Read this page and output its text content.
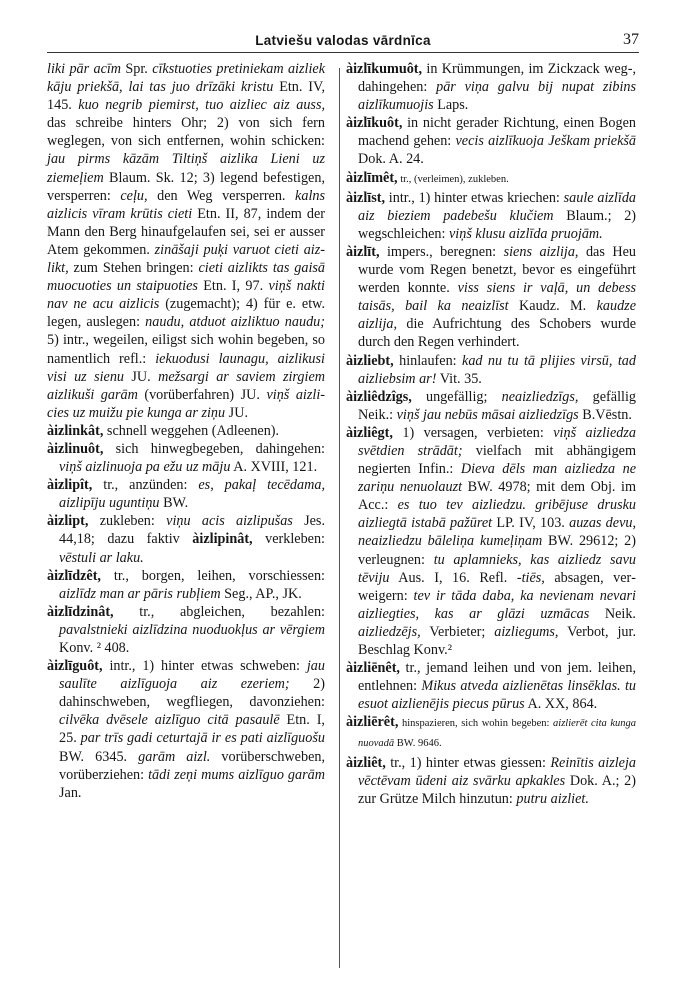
Latviešu valodas vārdnīca	37

liki pār acīm Spr. cīkstuoties pretiniekam aizliek kāju priekšā, lai tas juo drīzāki kristu Etn. IV, 145. kuo negrib piemirst, tuo aizliec aiz auss, das schreibe hinters Ohr; 2) von sich fern weglegen, von sich entfernen, wohin schicken: jau pirms kāzām Tiltiņš aizlika Lieni uz ziemeļiem Blaum. Sk. 12; 3) legend befestigen, versperren: ceļu, den Weg versperren. kalns aizlicis vīram krūtis cieti Etn. II, 87, indem der Mann den Berg hinaufgelaufen sei, sei er ausser Atem gekommen. zināšaji puķi varuot cieti aizlikt, zum Stehen bringen: cieti aizlikts tas gaisā muocuoties un staipuoties Etn. I, 97. viņš nakti nav ne acu aizlicis (zugemacht); 4) für e. etw. legen, auslegen: naudu, atduot aizliktuo naudu; 5) intr., wegeilen, eiligst sich wohin begeben, so namentlich refl.: iekuodusi launagu, aizlikusi visi uz sienu JU. mežsargi ar saviem zirgiem aizlikuši garām (vorüberfahren) JU. viņš aizlicies uz muižu pie kunga ar ziņu JU.

àizlinkât, schnell weggehen (Adleenen).

àizlinuôt, sich hinwegbegeben, dahingehen: viņš aizlinuoja pa ežu uz māju A. XVIII, 121.

àizlipît, tr., anzünden: es, pakaļ tecēdama, aizlipīju uguntiņu BW.

àizlipt, zukleben: viņu acis aizlipušas Jes. 44,18; dazu faktiv àizlipinât, verkleben: vēstuli ar laku.

àizlīdzêt, tr., borgen, leihen, vorschiessen: aizlīdz man ar pāris rubļiem Seg., AP., JK.

àizlīdzinât, tr., abgleichen, bezahlen: pavalstnieki aizlīdzina nuoduokļus ar vērgiem Konv. ² 408.

àizlīguôt, intr., 1) hinter etwas schweben: jau saulīte aizlīguoja aiz ezeriem; 2) dahinschweben, wegfliegen, davonziehen: cilvēka dvēsele aizlīguo citā pasaulē Etn. I, 25. par trīs gadi ceturtajā ir es pati aizlīguošu BW. 6345. garām aizl. vorüberschweben, vorüberziehen: tādi zeņi mums aizlīguo garām Jan.

àizlīkumuôt, in Krümmungen, im Zickzack weg-, dahingehen: pār viņa galvu bij nupat zibins aizlīkumuojis Laps.

àizlīkuôt, in nicht gerader Richtung, einen Bogen machend gehen: vecis aizlīkuoja Ješkam priekšā Dok. A. 24.

àizlīmêt, tr., (verleimen), zukleben.

àizlīst, intr., 1) hinter etwas kriechen: saule aizlīda aiz bieziem padebešu klučiem Blaum.; 2) wegschleichen: viņš klusu aizlīda pruojām.

àizlīt, impers., beregnen: siens aizlija, das Heu wurde vom Regen benetzt, bevor es eingeführt werden konnte. viss siens ir vaļā, un debess taisās, bail ka neaizlīst Kaudz. M. kaudze aizlija, die Aufrichtung des Schobers wurde durch den Regen verhindert.

àizliebt, hinlaufen: kad nu tu tā plijies virsū, tad aizliebsim ar! Vit. 35.

àizliêdzîgs, ungefällig; neaizliedzīgs, gefällig Neik.: viņš jau nebūs māsai aizliedzīgs B.Vēstn.

àizliêgt, 1) versagen, verbieten: viņš aizliedza svētdien strādāt; vielfach mit abhängigem negierten Infin.: Dieva dēls man aizliedza ne zariņu nenuolauzt BW. 4978; mit dem Obj. im Acc.: es tuo tev aizliedzu. gribējuse drusku aizliegtā istabā pažūret LP. IV, 103. auzas devu, neaizliedzu bāleliņa kumeļiņam BW. 29612; 2) verleugnen: tu aplamnieks, kas aizliedz savu tēviju Aus. I, 16. Refl. -tiēs, absagen, verweigern: tev ir tāda daba, ka nevienam nevari aizliegties, kas ar glāzi uzmācas Neik. aizliedzējs, Verbieter; aizliegums, Verbot, jur. Beschlag Konv.²

àizliēnêt, tr., jemand leihen und von jem. leihen, entlehnen: Mikus atveda aizlienētas linsēklas. tu esuot aizlienējis piecus pūrus A. XX, 864.

àizliērêt, hinspazieren, sich wohin begeben: aizlierēt cita kunga nuovadā BW. 9646.

àizliêt, tr., 1) hinter etwas giessen: Reinītis aizleja vēctēvam ūdeni aiz svārku apkakles Dok. A.; 2) zur Grütze Milch hinzutun: putru aizliet.
